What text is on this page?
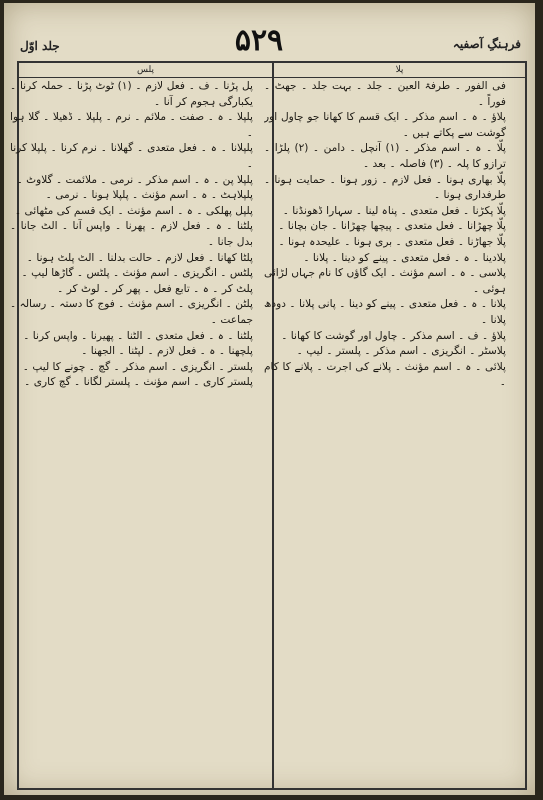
جلد اوّل	۵۲۹	فرہنگِ آصفیہ
پلس	پلا

پل پڑنا ۔ ف ۔ فعل لازم ۔ (۱) ٹوٹ پڑنا ۔ حملہ کرنا ۔ یکبارگی ہجوم کر آنا ۔

پلپلا ۔ ہ ۔ صفت ۔ ملائم ۔ نرم ۔ پلپلا ۔ ڈھیلا ۔ گلا ہوا ۔

پلپلانا ۔ ہ ۔ فعل متعدی ۔ گھلانا ۔ نرم کرنا ۔ پلپلا کرنا ۔

پلپلا پن ۔ ہ ۔ اسم مذکر ۔ نرمی ۔ ملائمت ۔ گلاوٹ ۔

پلپلاہٹ ۔ ہ ۔ اسم مؤنث ۔ پلپلا ہونا ۔ نرمی ۔

پلپل پھلکی ۔ ہ ۔ اسم مؤنث ۔ ایک قسم کی مٹھائی ۔

پلٹنا ۔ ہ ۔ فعل لازم ۔ پھرنا ۔ واپس آنا ۔ الٹ جانا ۔ بدل جانا ۔

پلٹا کھانا ۔ فعل لازم ۔ حالت بدلنا ۔ الٹ پلٹ ہونا ۔

پلٹس ۔ انگریزی ۔ اسم مؤنث ۔ پلٹس ۔ گاڑھا لیپ ۔

پلٹ کر ۔ ہ ۔ تابع فعل ۔ پھر کر ۔ لوٹ کر ۔

پلٹن ۔ انگریزی ۔ اسم مؤنث ۔ فوج کا دستہ ۔ رسالہ ۔ جماعت ۔

پلٹنا ۔ ہ ۔ فعل متعدی ۔ الٹنا ۔ پھیرنا ۔ واپس کرنا ۔

پلچھنا ۔ ہ ۔ فعل لازم ۔ لپٹنا ۔ الجھنا ۔

پلستر ۔ انگریزی ۔ اسم مذکر ۔ گچ ۔ چونے کا لیپ ۔

پلستر کاری ۔ اسم مؤنث ۔ پلستر لگانا ۔ گچ کاری ۔

فی الفور ۔ طرفۃ العین ۔ جلد ۔ بہت جلد ۔ جھٹ ۔ فوراً ۔

پلاؤ ۔ ہ ۔ اسم مذکر ۔ ایک قسم کا کھانا جو چاول اور گوشت سے پکاتے ہیں ۔

پلّا ۔ ہ ۔ اسم مذکر ۔ (۱) آنچل ۔ دامن ۔ (۲) پلڑا ۔ ترازو کا پلہ ۔ (۳) فاصلہ ۔ بعد ۔

پلّا بھاری ہونا ۔ فعل لازم ۔ زور ہونا ۔ حمایت ہونا ۔ طرفداری ہونا ۔

پلّا پکڑنا ۔ فعل متعدی ۔ پناہ لینا ۔ سہارا ڈھونڈنا ۔

پلّا چھڑانا ۔ فعل متعدی ۔ پیچھا چھڑانا ۔ جان بچانا ۔

پلّا جھاڑنا ۔ فعل متعدی ۔ بری ہونا ۔ علیحدہ ہونا ۔

پلادینا ۔ ہ ۔ فعل متعدی ۔ پینے کو دینا ۔ پلانا ۔

پلاسی ۔ ہ ۔ اسم مؤنث ۔ ایک گاؤں کا نام جہاں لڑائی ہوئی ۔

پلانا ۔ ہ ۔ فعل متعدی ۔ پینے کو دینا ۔ پانی پلانا ۔ دودھ پلانا ۔

پلاؤ ۔ ف ۔ اسم مذکر ۔ چاول اور گوشت کا کھانا ۔

پلاسٹر ۔ انگریزی ۔ اسم مذکر ۔ پلستر ۔ لیپ ۔

پلائی ۔ ہ ۔ اسم مؤنث ۔ پلانے کی اجرت ۔ پلانے کا کام ۔
